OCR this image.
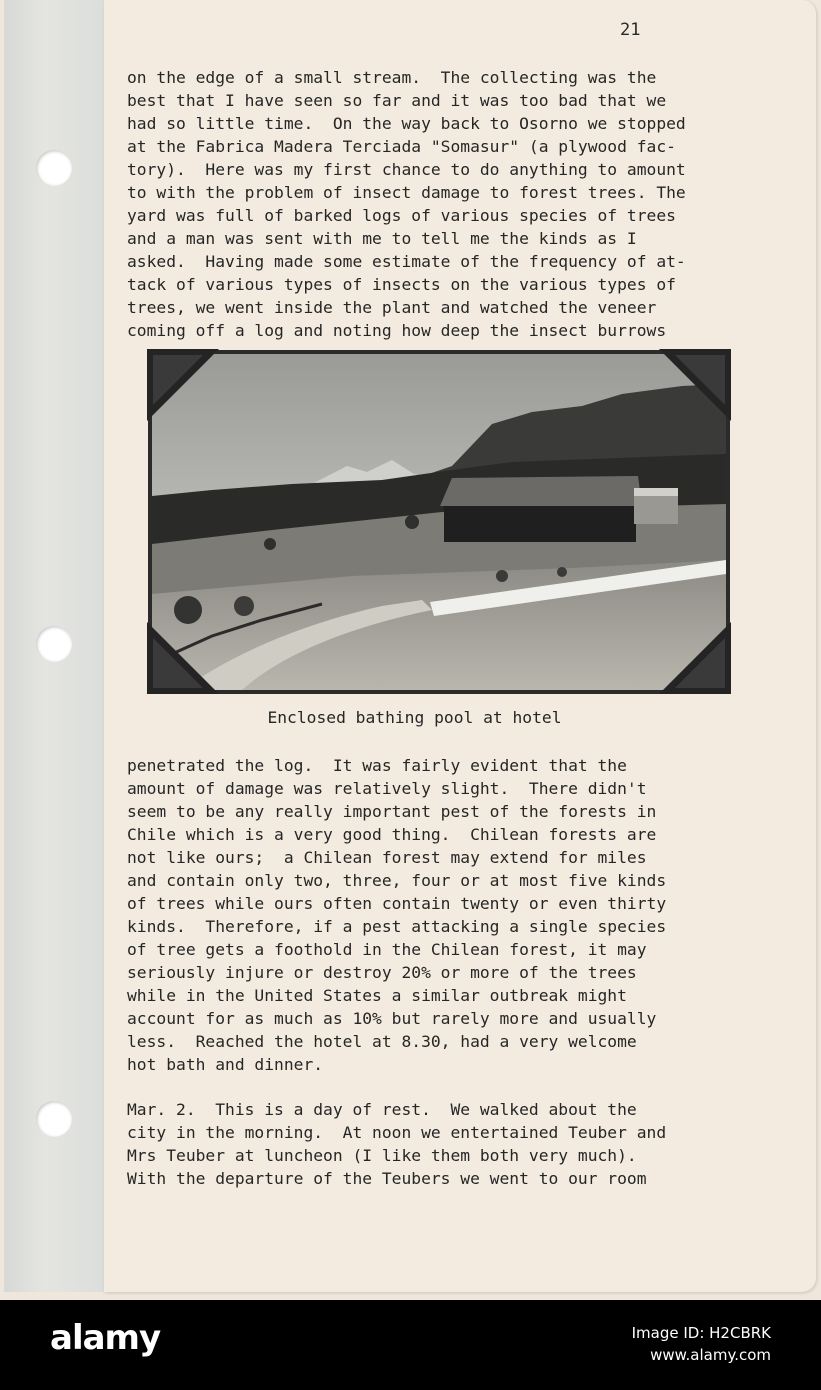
21
on the edge of a small stream.  The collecting was the
best that I have seen so far and it was too bad that we
had so little time.  On the way back to Osorno we stopped
at the Fabrica Madera Terciada "Somasur" (a plywood fac-
tory).  Here was my first chance to do anything to amount
to with the problem of insect damage to forest trees. The
yard was full of barked logs of various species of trees
and a man was sent with me to tell me the kinds as I
asked.  Having made some estimate of the frequency of at-
tack of various types of insects on the various types of
trees, we went inside the plant and watched the veneer
coming off a log and noting how deep the insect burrows
Enclosed bathing pool at hotel
penetrated the log.  It was fairly evident that the
amount of damage was relatively slight.  There didn't
seem to be any really important pest of the forests in
Chile which is a very good thing.  Chilean forests are
not like ours;  a Chilean forest may extend for miles
and contain only two, three, four or at most five kinds
of trees while ours often contain twenty or even thirty
kinds.  Therefore, if a pest attacking a single species
of tree gets a foothold in the Chilean forest, it may
seriously injure or destroy 20% or more of the trees
while in the United States a similar outbreak might
account for as much as 10% but rarely more and usually
less.  Reached the hotel at 8.30, had a very welcome
hot bath and dinner.
Mar. 2.  This is a day of rest.  We walked about the
city in the morning.  At noon we entertained Teuber and
Mrs Teuber at luncheon (I like them both very much).
With the departure of the Teubers we went to our room
alamy	Image ID: H2CBRK
www.alamy.com
